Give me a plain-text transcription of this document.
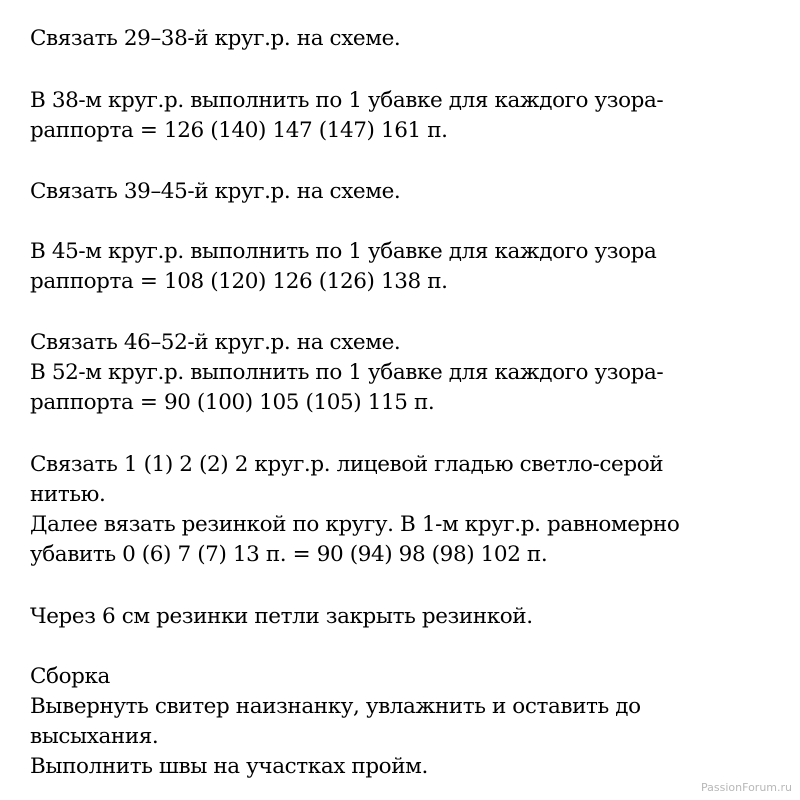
Связать 29–38-й круг.р. на схеме.
В 38-м круг.р. выполнить по 1 убавке для каждого узора-
раппорта = 126 (140) 147 (147) 161 п.
Связать 39–45-й круг.р. на схеме.
В 45-м круг.р. выполнить по 1 убавке для каждого узора
раппорта = 108 (120) 126 (126) 138 п.
Связать 46–52-й круг.р. на схеме.
В 52-м круг.р. выполнить по 1 убавке для каждого узора-
раппорта = 90 (100) 105 (105) 115 п.
Связать 1 (1) 2 (2) 2 круг.р. лицевой гладью светло-серой
нитью.
Далее вязать резинкой по кругу. В 1-м круг.р. равномерно
убавить 0 (6) 7 (7) 13 п. = 90 (94) 98 (98) 102 п.
Через 6 см резинки петли закрыть резинкой.
Сборка
Вывернуть свитер наизнанку, увлажнить и оставить до
высыхания.
Выполнить швы на участках пройм.
PassionForum.ru
